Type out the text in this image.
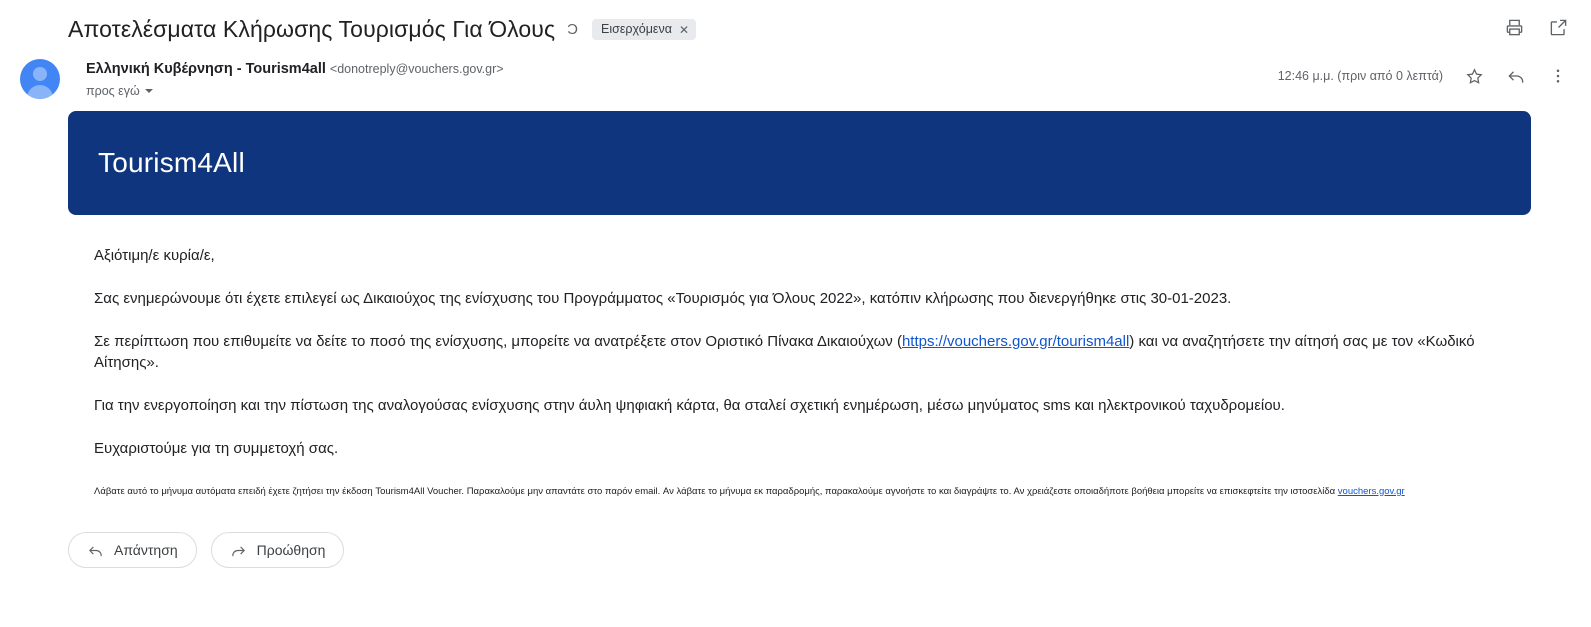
Αποτελέσματα Κλήρωσης Τουρισμός Για Όλους Ɔ Εισερχόμενα ✕
Ελληνική Κυβέρνηση - Tourism4all <donotreply@vouchers.gov.gr>
προς εγώ
12:46 μ.μ. (πριν από 0 λεπτά)
Tourism4All

Αξιότιμη/ε κυρία/ε,

Σας ενημερώνουμε ότι έχετε επιλεγεί ως Δικαιούχος της ενίσχυσης του Προγράμματος «Τουρισμός για Όλους 2022», κατόπιν κλήρωσης που διενεργήθηκε στις 30-01-2023.

Σε περίπτωση που επιθυμείτε να δείτε το ποσό της ενίσχυσης, μπορείτε να ανατρέξετε στον Οριστικό Πίνακα Δικαιούχων (https://vouchers.gov.gr/tourism4all) και να αναζητήσετε την αίτησή σας με τον «Κωδικό Αίτησης».

Για την ενεργοποίηση και την πίστωση της αναλογούσας ενίσχυσης στην άυλη ψηφιακή κάρτα, θα σταλεί σχετική ενημέρωση, μέσω μηνύματος sms και ηλεκτρονικού ταχυδρομείου.

Ευχαριστούμε για τη συμμετοχή σας.

Λάβατε αυτό το μήνυμα αυτόματα επειδή έχετε ζητήσει την έκδοση Tourism4All Voucher. Παρακαλούμε μην απαντάτε στο παρόν email. Αν λάβατε το μήνυμα εκ παραδρομής, παρακαλούμε αγνοήστε το και διαγράψτε το. Αν χρειάζεστε οποιαδήποτε βοήθεια μπορείτε να επισκεφτείτε την ιστοσελίδα vouchers.gov.gr
Απάντηση	Προώθηση
